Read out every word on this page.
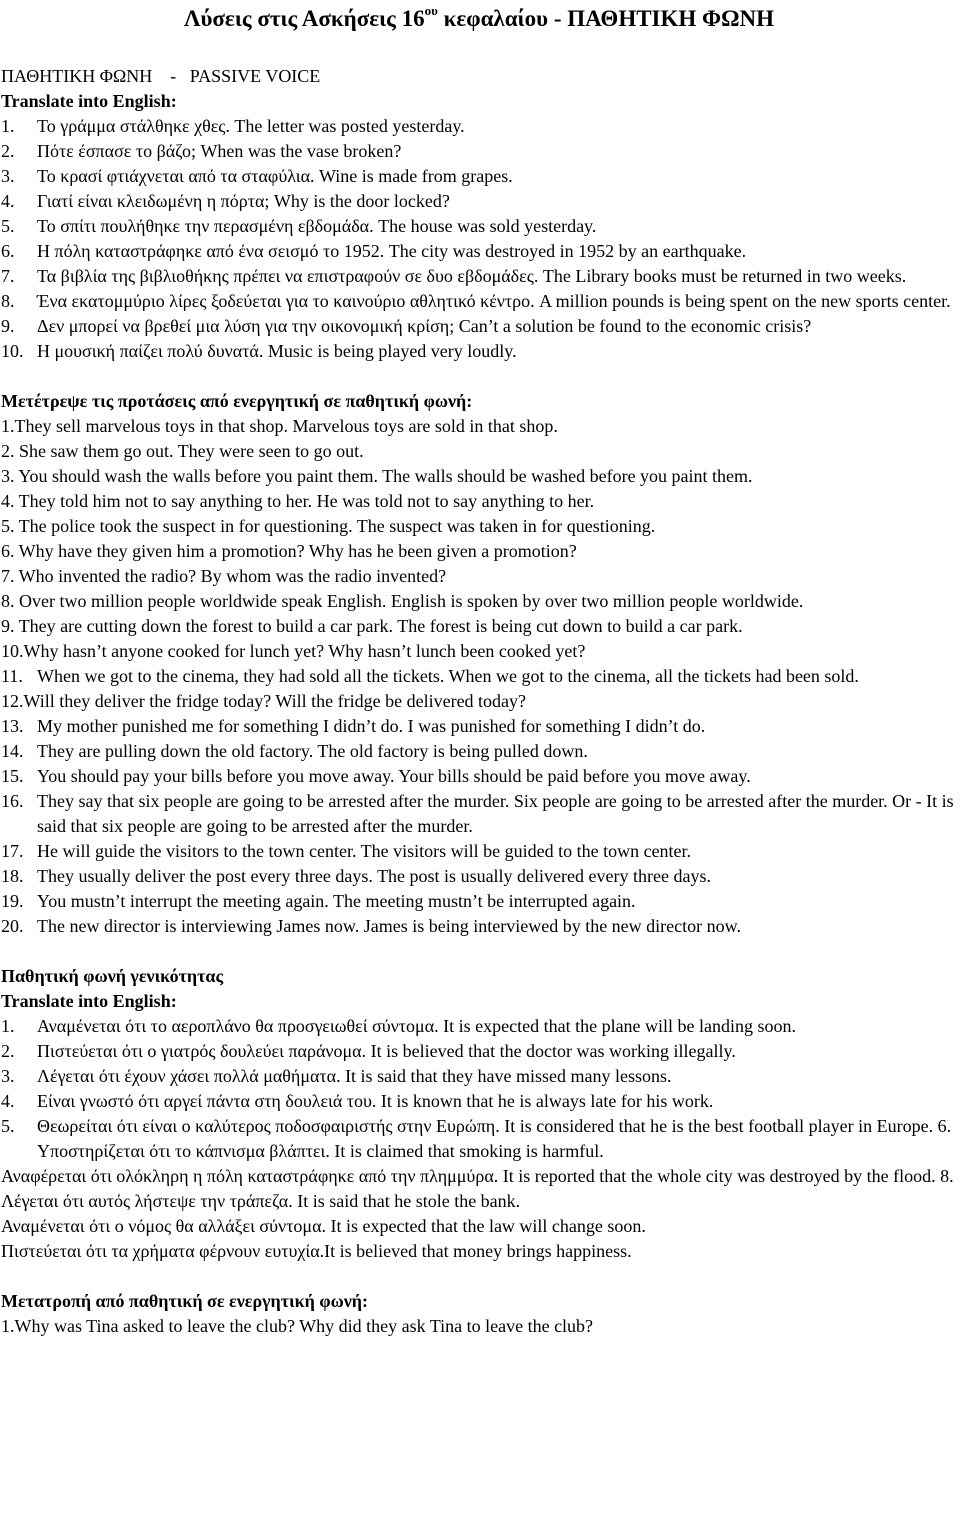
Λύσεις στις Ασκήσεις $16^{o\upsilon}$ κεφαλαίου - ΠΑΘΗΤΙΚΗ ΦΩΝΗ

ΠΑΘΗΤΙΚΗ ΦΩΝΗ    -   PASSIVE VOICE

Translate into English:

1.	Το γράμμα στάλθηκε χθες. The letter was posted yesterday.
2.	Πότε έσπασε το βάζο; When was the vase broken?
3.	Το κρασί φτιάχνεται από τα σταφύλια. Wine is made from grapes.
4.	Γιατί είναι κλειδωμένη η πόρτα; Why is the door locked?
5.	Το σπίτι πουλήθηκε την περασμένη εβδομάδα. The house was sold yesterday.
6.	Η πόλη καταστράφηκε από ένα σεισμό το 1952. The city was destroyed in 1952 by an earthquake.
7.	Τα βιβλία της βιβλιοθήκης πρέπει να επιστραφούν σε δυο εβδομάδες. The Library books must be returned in two weeks.
8.	Ένα εκατομμύριο λίρες ξοδεύεται για το καινούριο αθλητικό κέντρο. A million pounds is being spent on the new sports center.
9.	Δεν μπορεί να βρεθεί μια λύση για την οικονομική κρίση; Can’t a solution be found to the economic crisis?
10. Η μουσική παίζει πολύ δυνατά. Music is being played very loudly.

Μετέτρεψε τις προτάσεις από ενεργητική σε παθητική φωνή:

1.They sell marvelous toys in that shop. Marvelous toys are sold in that shop.

2. She saw them go out. They were seen to go out.

3. You should wash the walls before you paint them. The walls should be washed before you paint them.

4. They told him not to say anything to her. He was told not to say anything to her.

5. The police took the suspect in for questioning. The suspect was taken in for questioning.

6. Why have they given him a promotion? Why has he been given a promotion?

7. Who invented the radio? By whom was the radio invented?

8. Over two million people worldwide speak English. English is spoken by over two million people worldwide.

9. They are cutting down the forest to build a car park. The forest is being cut down to build a car park.

10.Why hasn’t anyone cooked for lunch yet? Why hasn’t lunch been cooked yet?

11. When we got to the cinema, they had sold all the tickets. When we got to the cinema, all the tickets had been sold.

12.Will they deliver the fridge today? Will the fridge be delivered today?

13. My mother punished me for something I didn’t do. I was punished for something I didn’t do.
14. They are pulling down the old factory. The old factory is being pulled down.
15. You should pay your bills before you move away. Your bills should be paid before you move away.
16. They say that six people are going to be arrested after the murder. Six people are going to be arrested after the murder. Or - It is said that six people are going to be arrested after the murder.
17. He will guide the visitors to the town center. The visitors will be guided to the town center.
18. They usually deliver the post every three days. The post is usually delivered every three days.
19. You mustn’t interrupt the meeting again. The meeting mustn’t be interrupted again.
20. The new director is interviewing James now. James is being interviewed by the new director now.

Παθητική φωνή γενικότητας

Translate into English:

1.	Αναμένεται ότι το αεροπλάνο θα προσγειωθεί σύντομα. It is expected that the plane will be landing soon.
2.	Πιστεύεται ότι ο γιατρός δουλεύει παράνομα. It is believed that the doctor was working illegally.
3.	Λέγεται ότι έχουν χάσει πολλά μαθήματα. It is said that they have missed many lessons.
4.	Είναι γνωστό ότι αργεί πάντα στη δουλειά του. It is known that he is always late for his work.
5.	Θεωρείται ότι είναι ο καλύτερος ποδοσφαιριστής στην Ευρώπη. It is considered that he is the best football player in Europe. 6. Υποστηρίζεται ότι το κάπνισμα βλάπτει. It is claimed that smoking is harmful.

Αναφέρεται ότι ολόκληρη η πόλη καταστράφηκε από την πλημμύρα. It is reported that the whole city was destroyed by the flood. 8. Λέγεται ότι αυτός λήστεψε την τράπεζα. It is said that he stole the bank.

Αναμένεται ότι ο νόμος θα αλλάξει σύντομα. It is expected that the law will change soon.

Πιστεύεται ότι τα χρήματα φέρνουν ευτυχία.It is believed that money brings happiness.

Μετατροπή από παθητική σε ενεργητική φωνή:

1.Why was Tina asked to leave the club? Why did they ask Tina to leave the club?
